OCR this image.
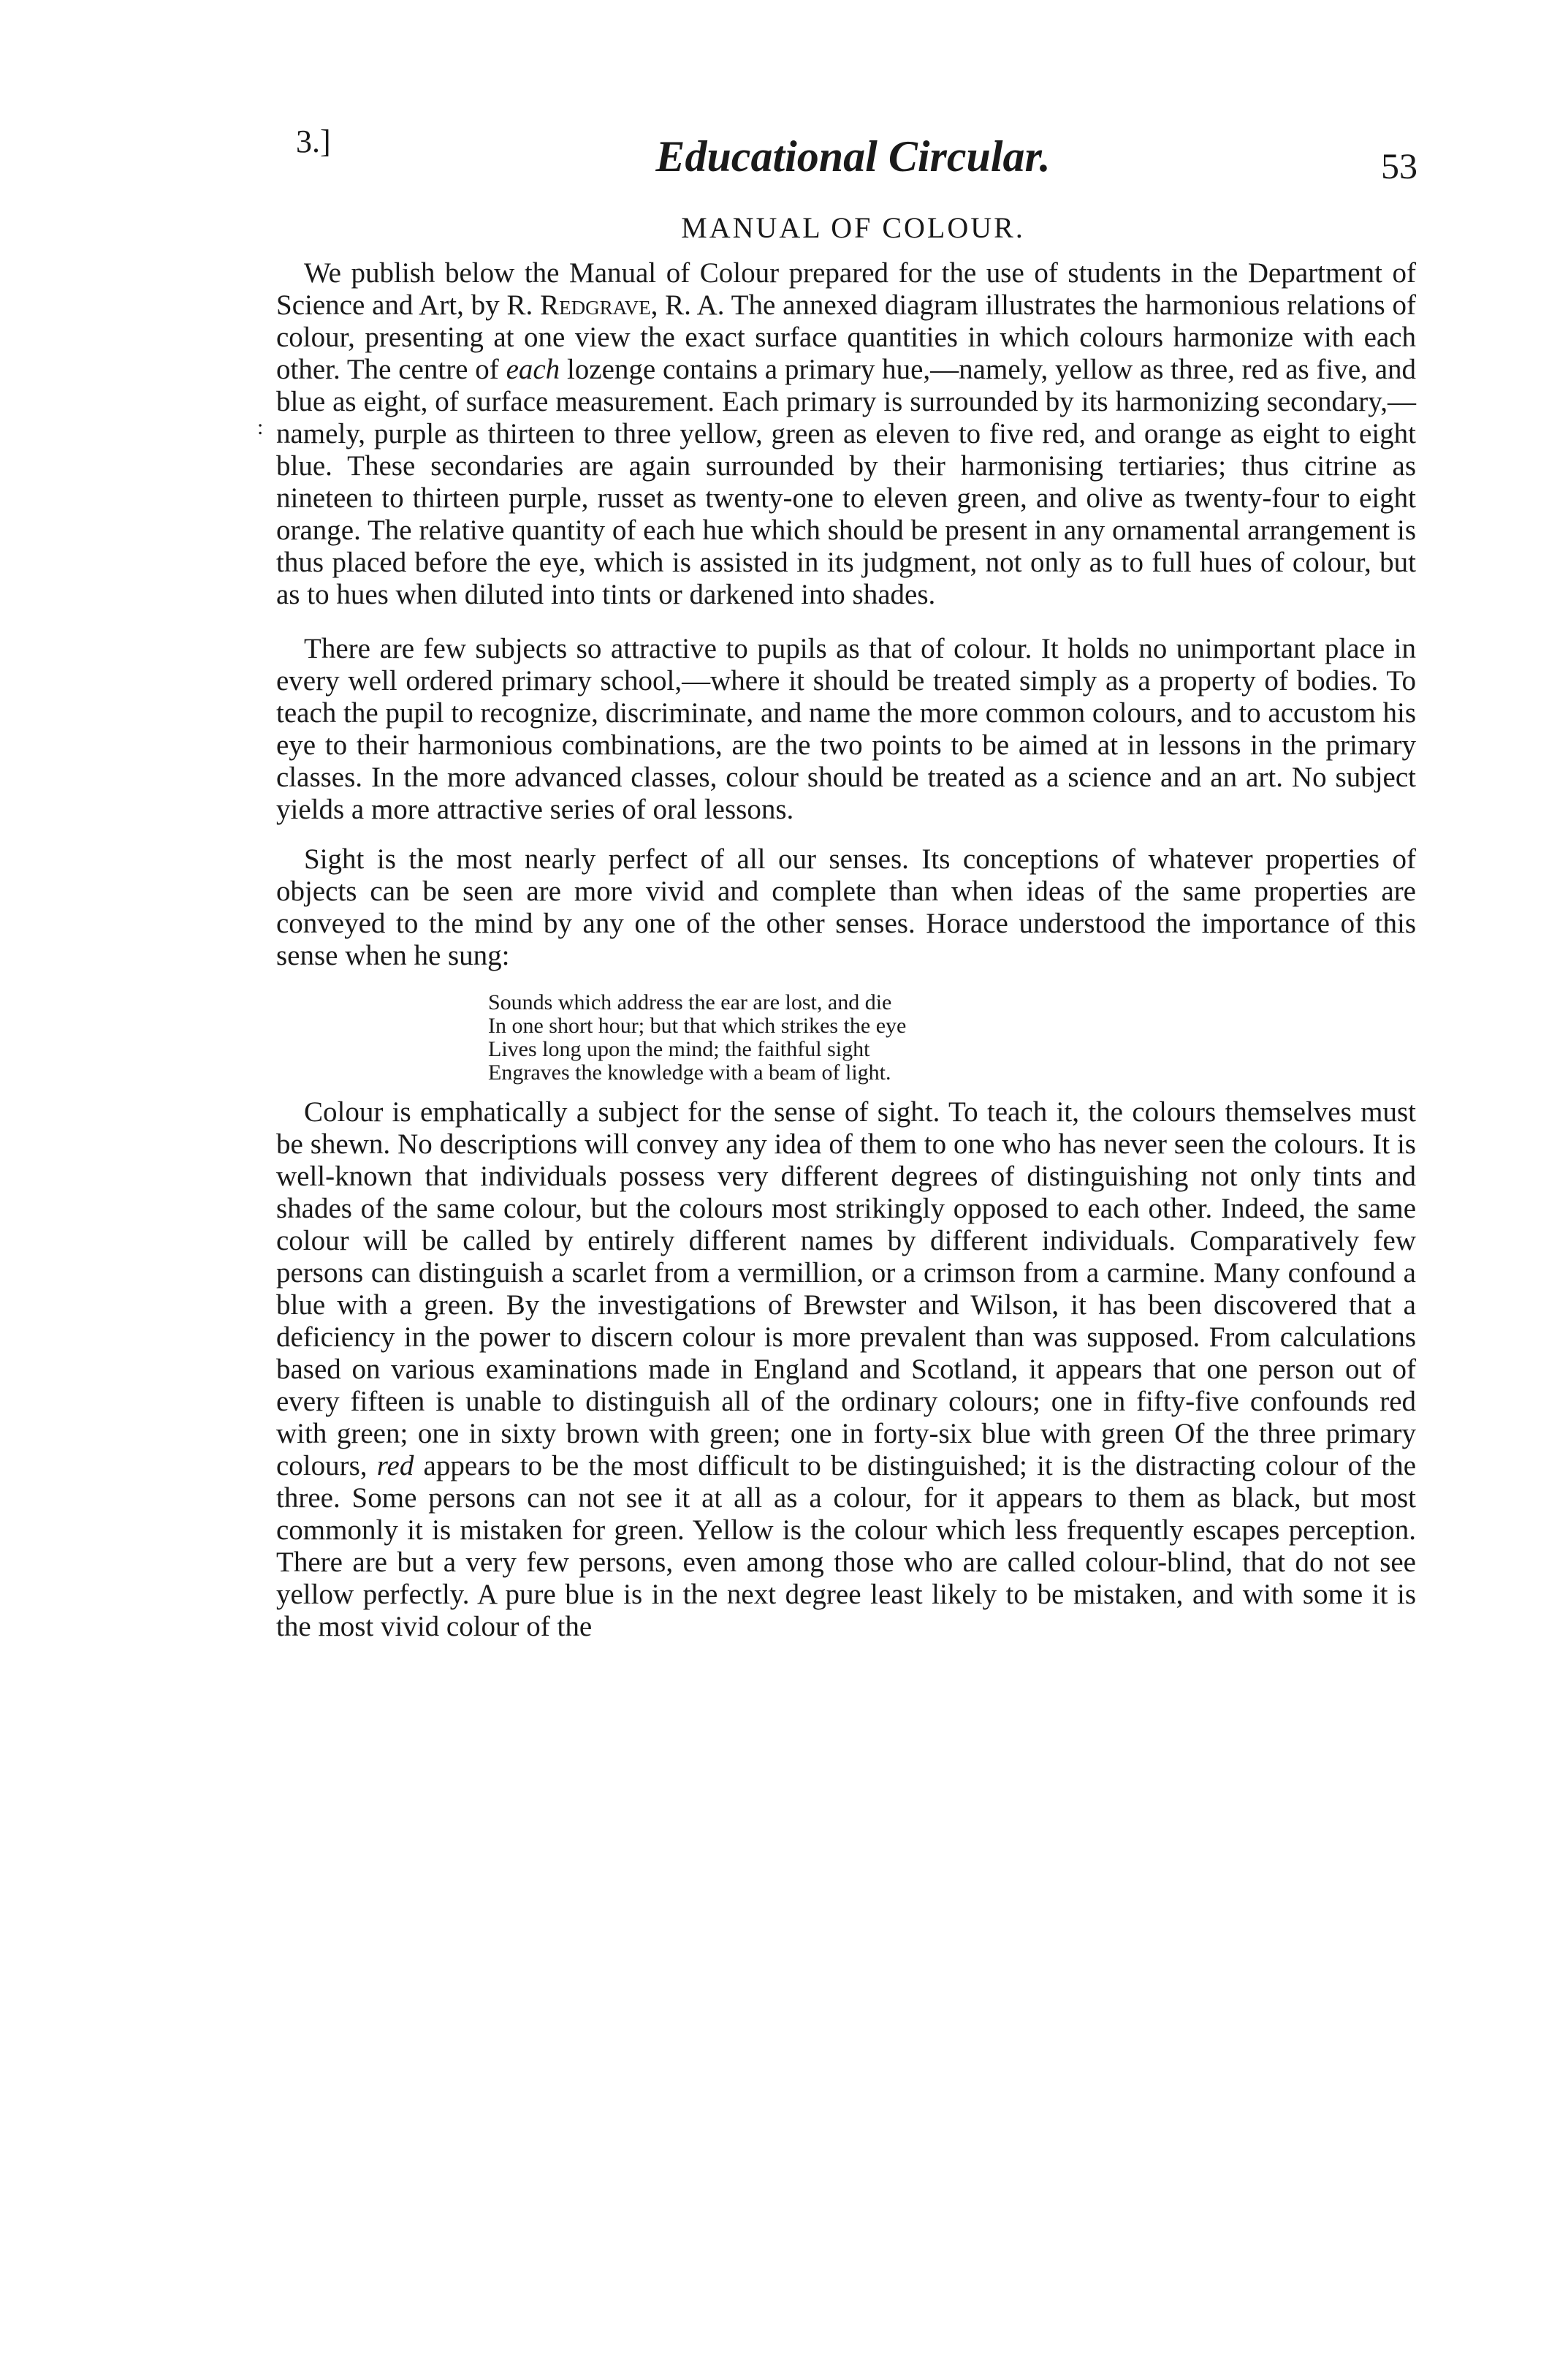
3.]	Educational Circular.	53
MANUAL OF COLOUR.
:

We publish below the Manual of Colour prepared for the use of students in the Department of Science and Art, by R. Redgrave, R. A. The annexed diagram illustrates the harmonious relations of colour, presenting at one view the exact surface quantities in which colours harmonize with each other. The centre of each lozenge contains a primary hue,—namely, yellow as three, red as five, and blue as eight, of surface measurement. Each primary is surrounded by its harmonizing secondary,—namely, purple as thirteen to three yellow, green as eleven to five red, and orange as eight to eight blue. These secondaries are again surrounded by their harmonising tertiaries; thus citrine as nineteen to thirteen purple, russet as twenty-one to eleven green, and olive as twenty-four to eight orange. The relative quantity of each hue which should be present in any ornamental arrangement is thus placed before the eye, which is assisted in its judgment, not only as to full hues of colour, but as to hues when diluted into tints or darkened into shades.

There are few subjects so attractive to pupils as that of colour. It holds no unimportant place in every well ordered primary school,—where it should be treated simply as a property of bodies. To teach the pupil to recognize, discriminate, and name the more common colours, and to accustom his eye to their harmonious combinations, are the two points to be aimed at in lessons in the primary classes. In the more advanced classes, colour should be treated as a science and an art. No subject yields a more attractive series of oral lessons.

Sight is the most nearly perfect of all our senses. Its conceptions of whatever properties of objects can be seen are more vivid and complete than when ideas of the same properties are conveyed to the mind by any one of the other senses. Horace understood the importance of this sense when he sung:

Sounds which address the ear are lost, and die
In one short hour; but that which strikes the eye
Lives long upon the mind; the faithful sight
Engraves the knowledge with a beam of light.

Colour is emphatically a subject for the sense of sight. To teach it, the colours themselves must be shewn. No descriptions will convey any idea of them to one who has never seen the colours. It is well-known that individuals possess very different degrees of distinguishing not only tints and shades of the same colour, but the colours most strikingly opposed to each other. Indeed, the same colour will be called by entirely different names by different individuals. Comparatively few persons can distinguish a scarlet from a vermillion, or a crimson from a carmine. Many confound a blue with a green. By the investigations of Brewster and Wilson, it has been discovered that a deficiency in the power to discern colour is more prevalent than was supposed. From calculations based on various examinations made in England and Scotland, it appears that one person out of every fifteen is unable to distinguish all of the ordinary colours; one in fifty-five confounds red with green; one in sixty brown with green; one in forty-six blue with green Of the three primary colours, red appears to be the most difficult to be distinguished; it is the distracting colour of the three. Some persons can not see it at all as a colour, for it appears to them as black, but most commonly it is mistaken for green. Yellow is the colour which less frequently escapes perception. There are but a very few persons, even among those who are called colour-blind, that do not see yellow perfectly. A pure blue is in the next degree least likely to be mistaken, and with some it is the most vivid colour of the
